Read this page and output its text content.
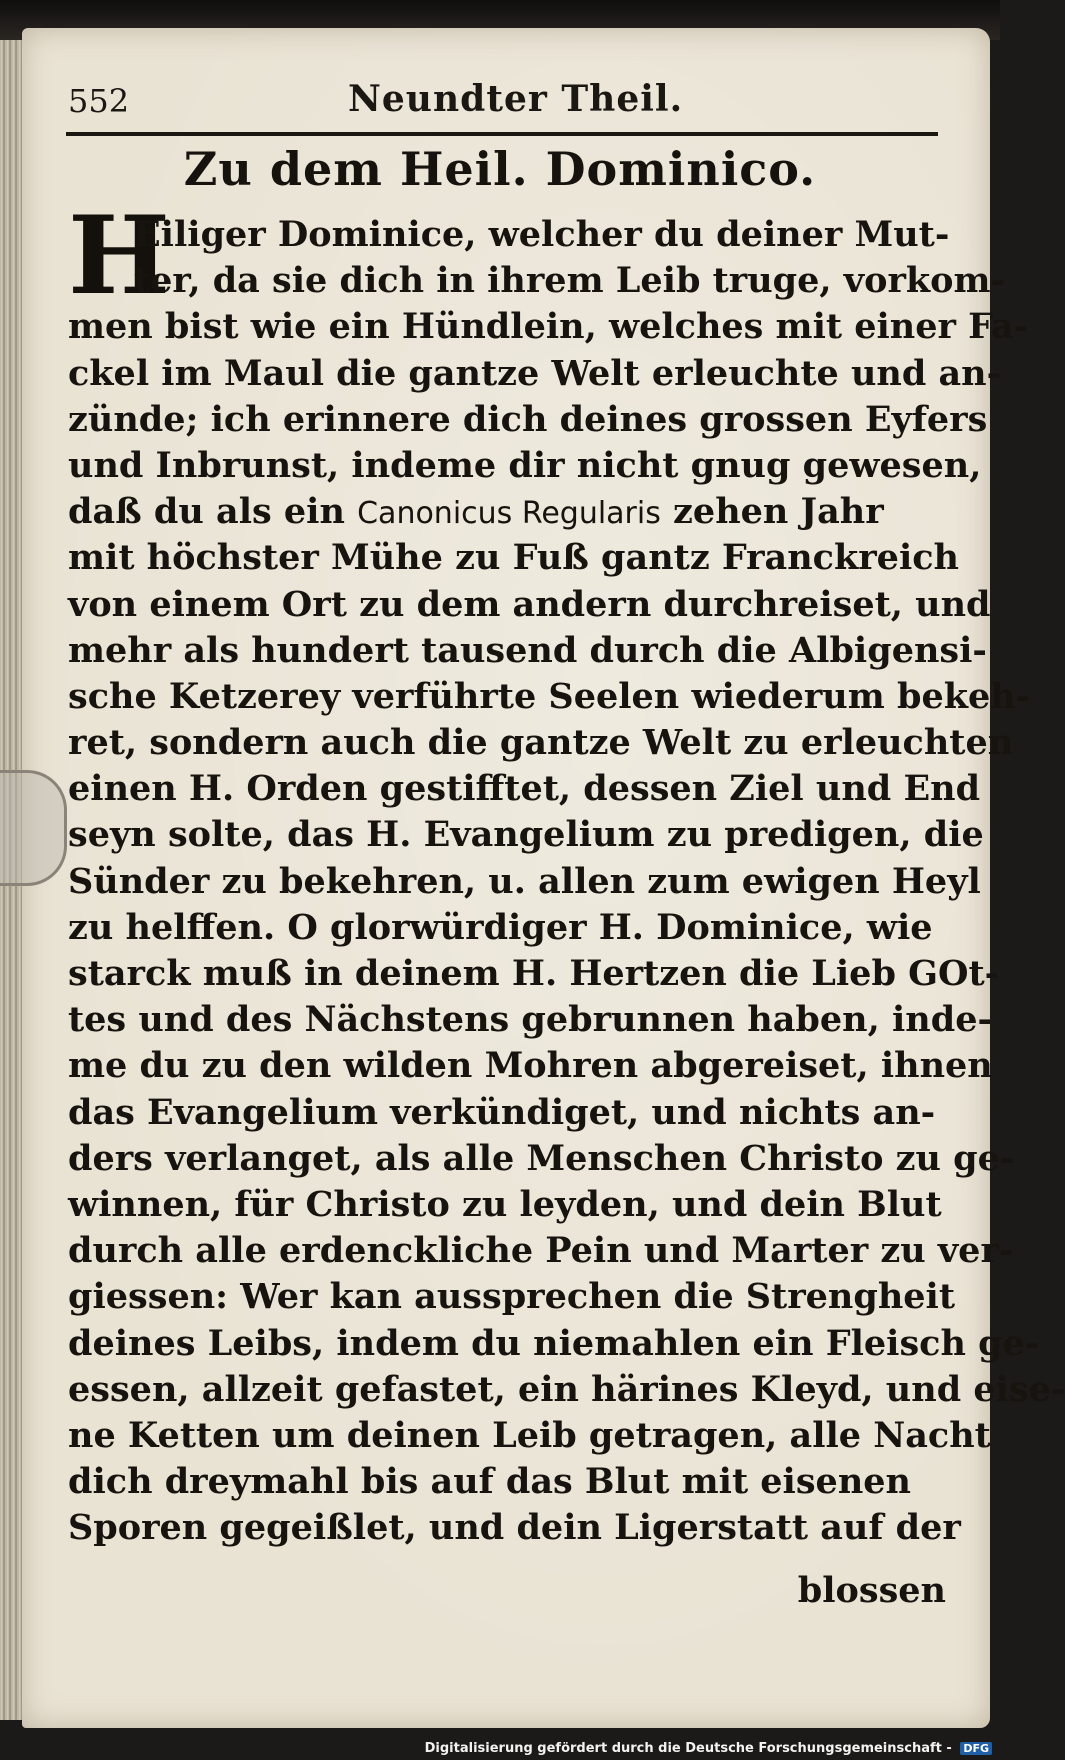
552	Neundter Theil.
Zu dem Heil. Dominico.
H
Eiliger Dominice, welcher du deiner Mut-
ter, da sie dich in ihrem Leib truge, vorkom-
men bist wie ein Hündlein, welches mit einer Fa-
ckel im Maul die gantze Welt erleuchte und an-
zünde; ich erinnere dich deines grossen Eyfers
und Inbrunst, indeme dir nicht gnug gewesen,
daß du als ein Canonicus Regularis zehen Jahr
mit höchster Mühe zu Fuß gantz Franckreich
von einem Ort zu dem andern durchreiset, und
mehr als hundert tausend durch die Albigensi-
sche Ketzerey verführte Seelen wiederum bekeh-
ret, sondern auch die gantze Welt zu erleuchten
einen H. Orden gestifftet, dessen Ziel und End
seyn solte, das H. Evangelium zu predigen, die
Sünder zu bekehren, u. allen zum ewigen Heyl
zu helffen. O glorwürdiger H. Dominice, wie
starck muß in deinem H. Hertzen die Lieb GOt-
tes und des Nächstens gebrunnen haben, inde-
me du zu den wilden Mohren abgereiset, ihnen
das Evangelium verkündiget, und nichts an-
ders verlanget, als alle Menschen Christo zu ge-
winnen, für Christo zu leyden, und dein Blut
durch alle erdenckliche Pein und Marter zu ver-
giessen: Wer kan aussprechen die Strengheit
deines Leibs, indem du niemahlen ein Fleisch ge-
essen, allzeit gefastet, ein härines Kleyd, und eise-
ne Ketten um deinen Leib getragen, alle Nacht
dich dreymahl bis auf das Blut mit eisenen
Sporen gegeißlet, und dein Ligerstatt auf der
blossen
Digitalisierung gefördert durch die Deutsche Forschungsgemeinschaft - DFG
